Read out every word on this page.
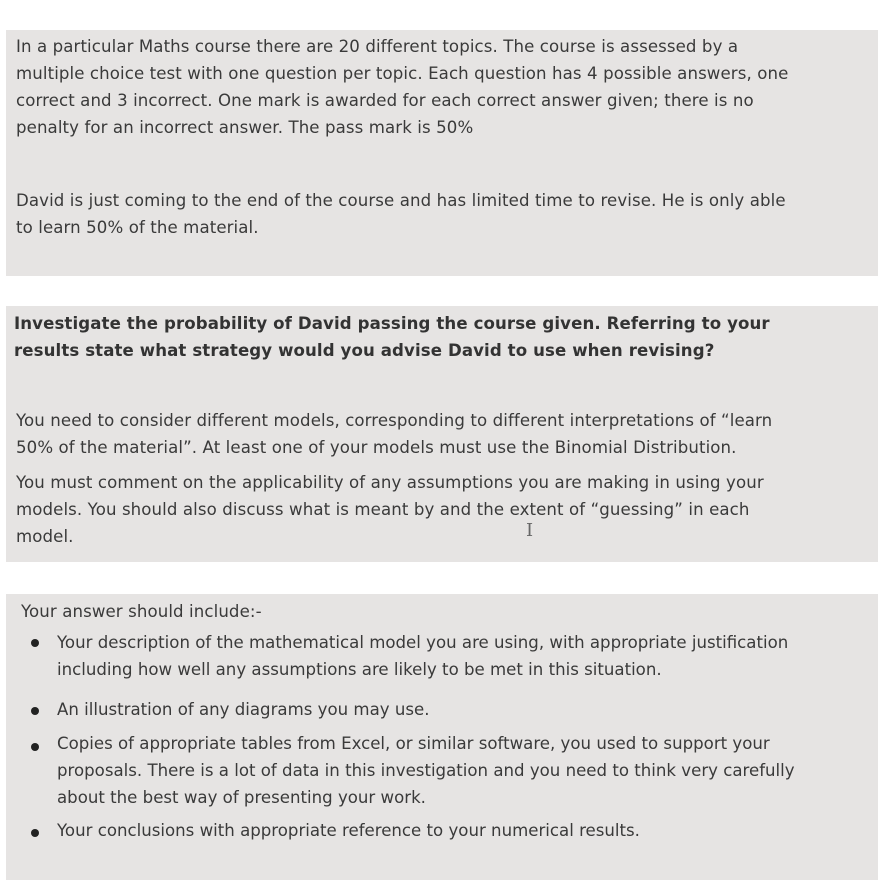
In a particular Maths course there are 20 different topics. The course is assessed by a
multiple choice test with one question per topic. Each question has 4 possible answers, one
correct and 3 incorrect. One mark is awarded for each correct answer given; there is no
penalty for an incorrect answer. The pass mark is 50%

David is just coming to the end of the course and has limited time to revise. He is only able
to learn 50% of the material.

Investigate the probability of David passing the course given. Referring to your
results state what strategy would you advise David to use when revising?

You need to consider different models, corresponding to different interpretations of “learn
50% of the material”. At least one of your models must use the Binomial Distribution.

You must comment on the applicability of any assumptions you are making in using your
models. You should also discuss what is meant by and the extent of “guessing” in each
model.	I

Your answer should include:-

Your description of the mathematical model you are using, with appropriate justification
including how well any assumptions are likely to be met in this situation.

An illustration of any diagrams you may use.

Copies of appropriate tables from Excel, or similar software, you used to support your
proposals. There is a lot of data in this investigation and you need to think very carefully
about the best way of presenting your work.

Your conclusions with appropriate reference to your numerical results.
